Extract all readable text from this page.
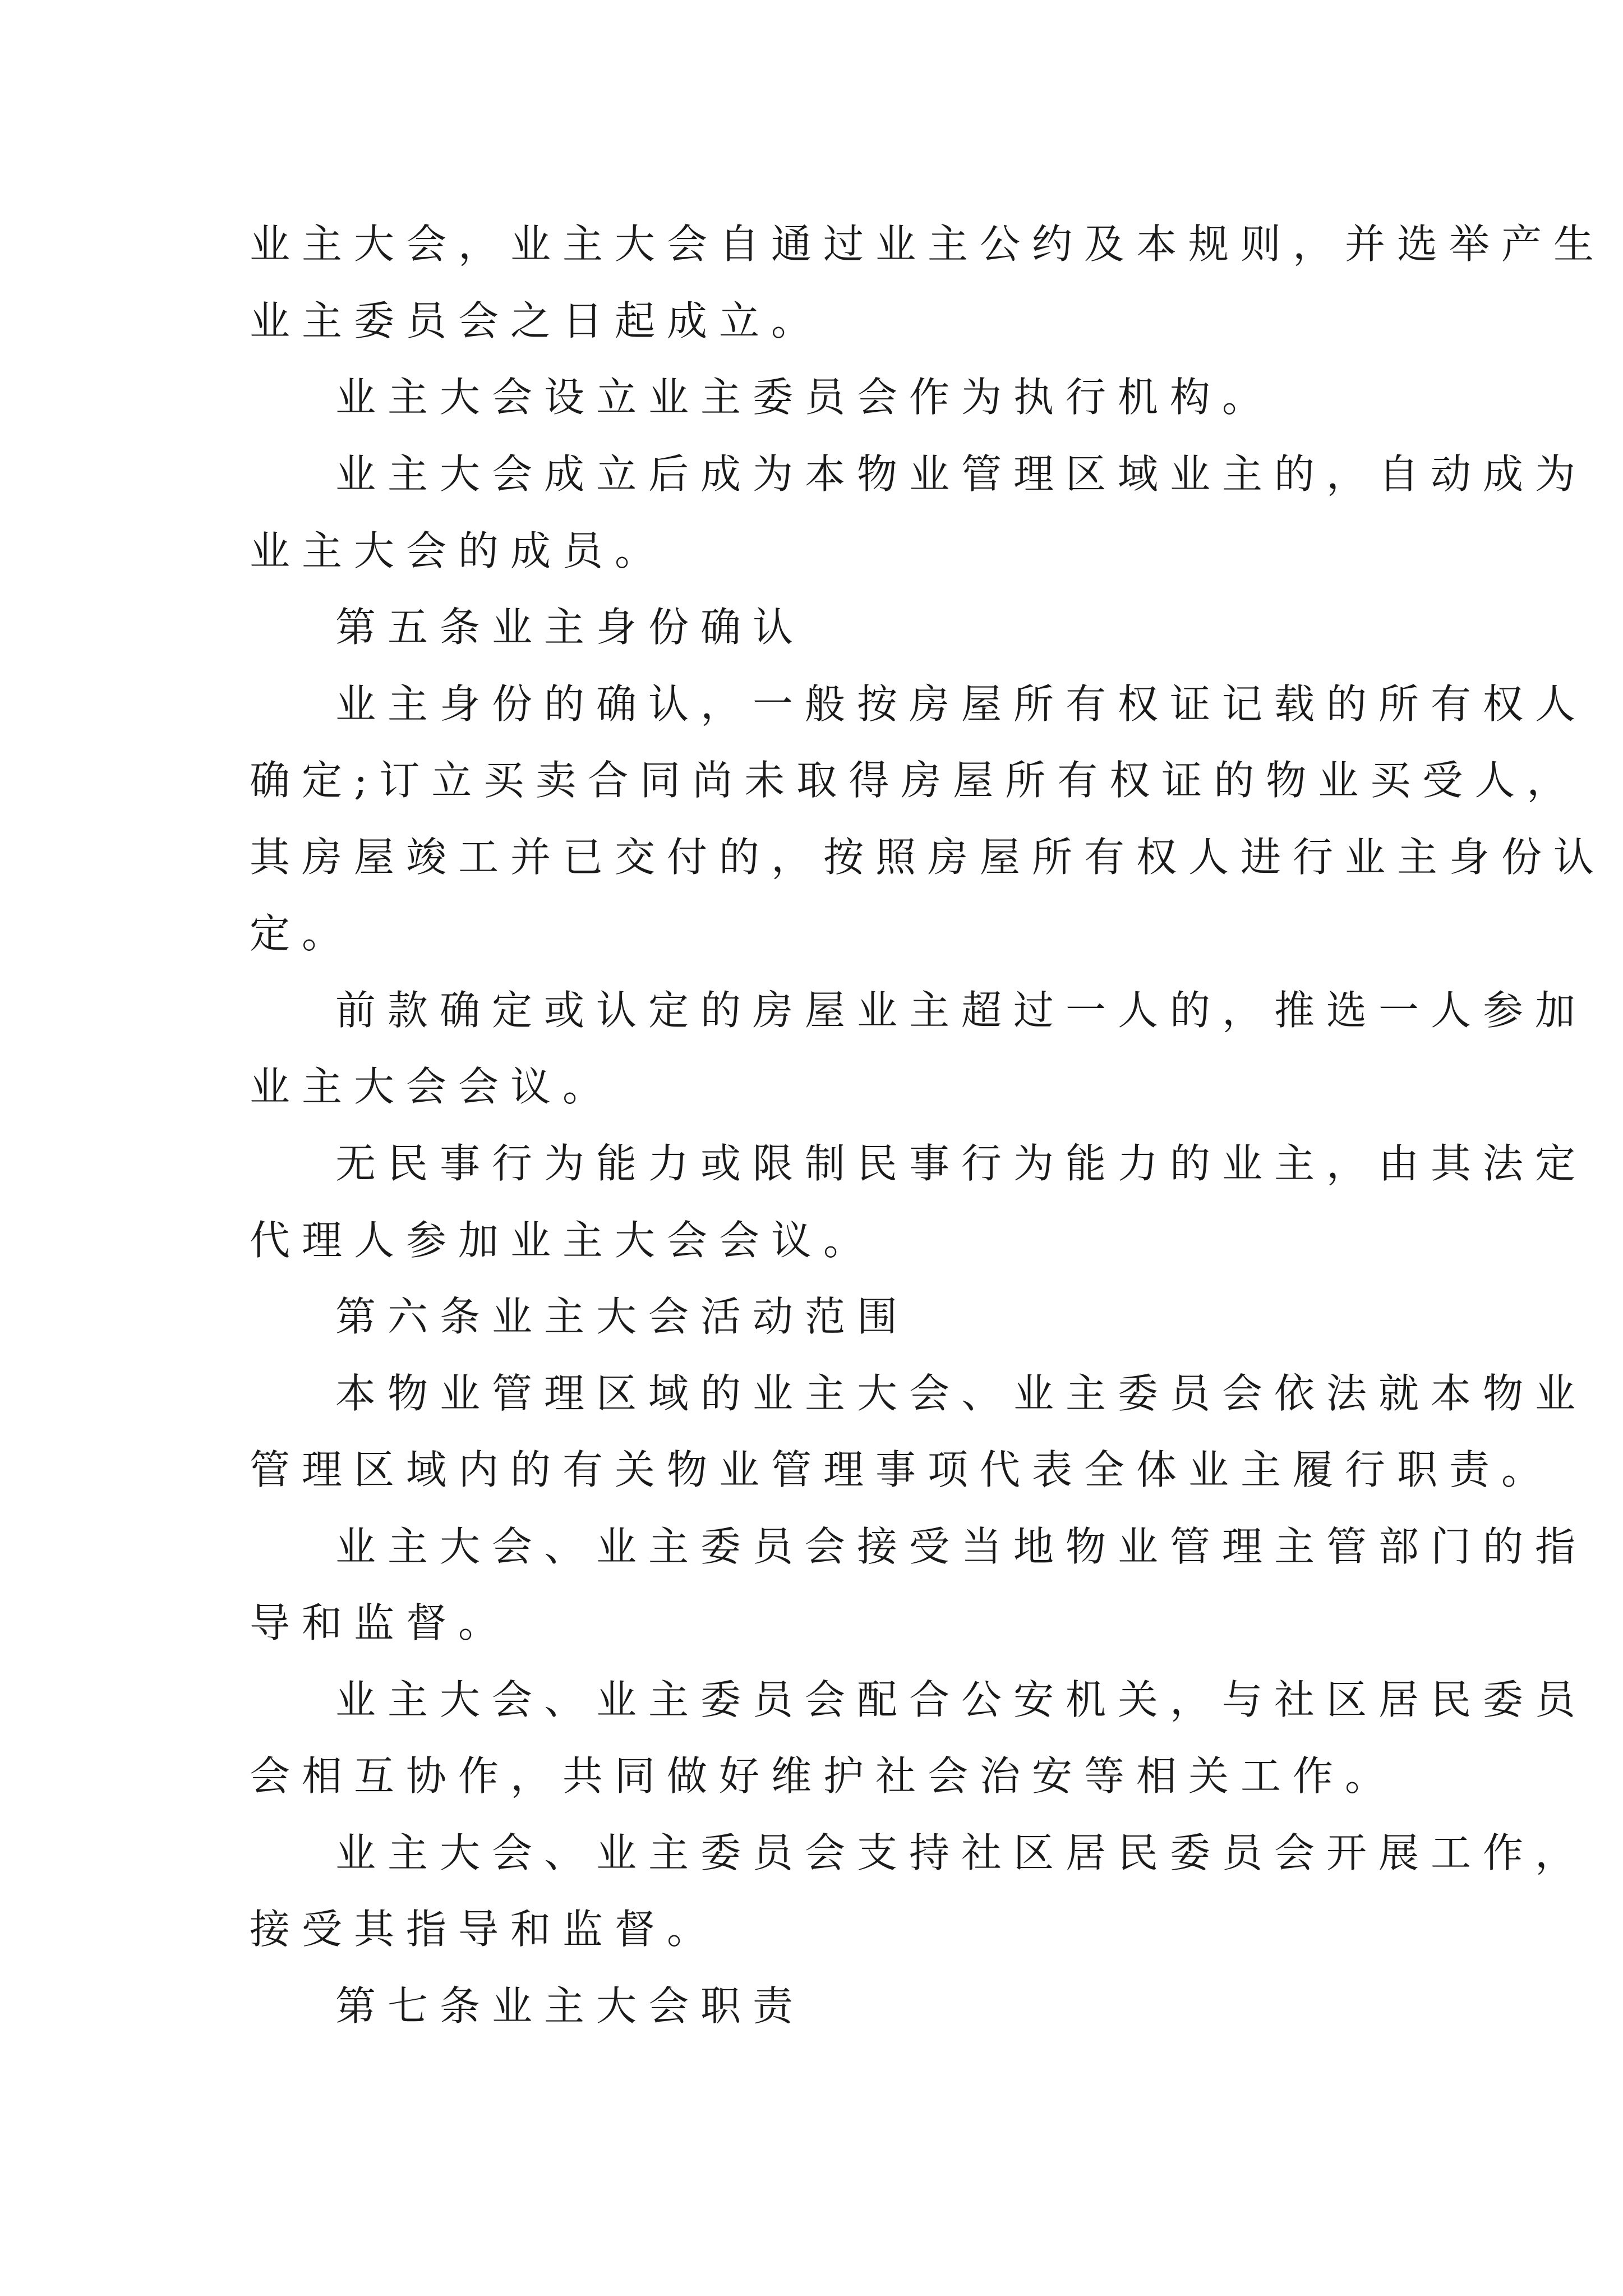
业主大会，业主大会自通过业主公约及本规则，并选举产生
业主委员会之日起成立。
业主大会设立业主委员会作为执行机构。
业主大会成立后成为本物业管理区域业主的，自动成为
业主大会的成员。
第五条业主身份确认
业主身份的确认，一般按房屋所有权证记载的所有权人
确定;订立买卖合同尚未取得房屋所有权证的物业买受人，
其房屋竣工并已交付的，按照房屋所有权人进行业主身份认
定。
前款确定或认定的房屋业主超过一人的，推选一人参加
业主大会会议。
无民事行为能力或限制民事行为能力的业主，由其法定
代理人参加业主大会会议。
第六条业主大会活动范围
本物业管理区域的业主大会、业主委员会依法就本物业
管理区域内的有关物业管理事项代表全体业主履行职责。
业主大会、业主委员会接受当地物业管理主管部门的指
导和监督。
业主大会、业主委员会配合公安机关，与社区居民委员
会相互协作，共同做好维护社会治安等相关工作。
业主大会、业主委员会支持社区居民委员会开展工作，
接受其指导和监督。
第七条业主大会职责
